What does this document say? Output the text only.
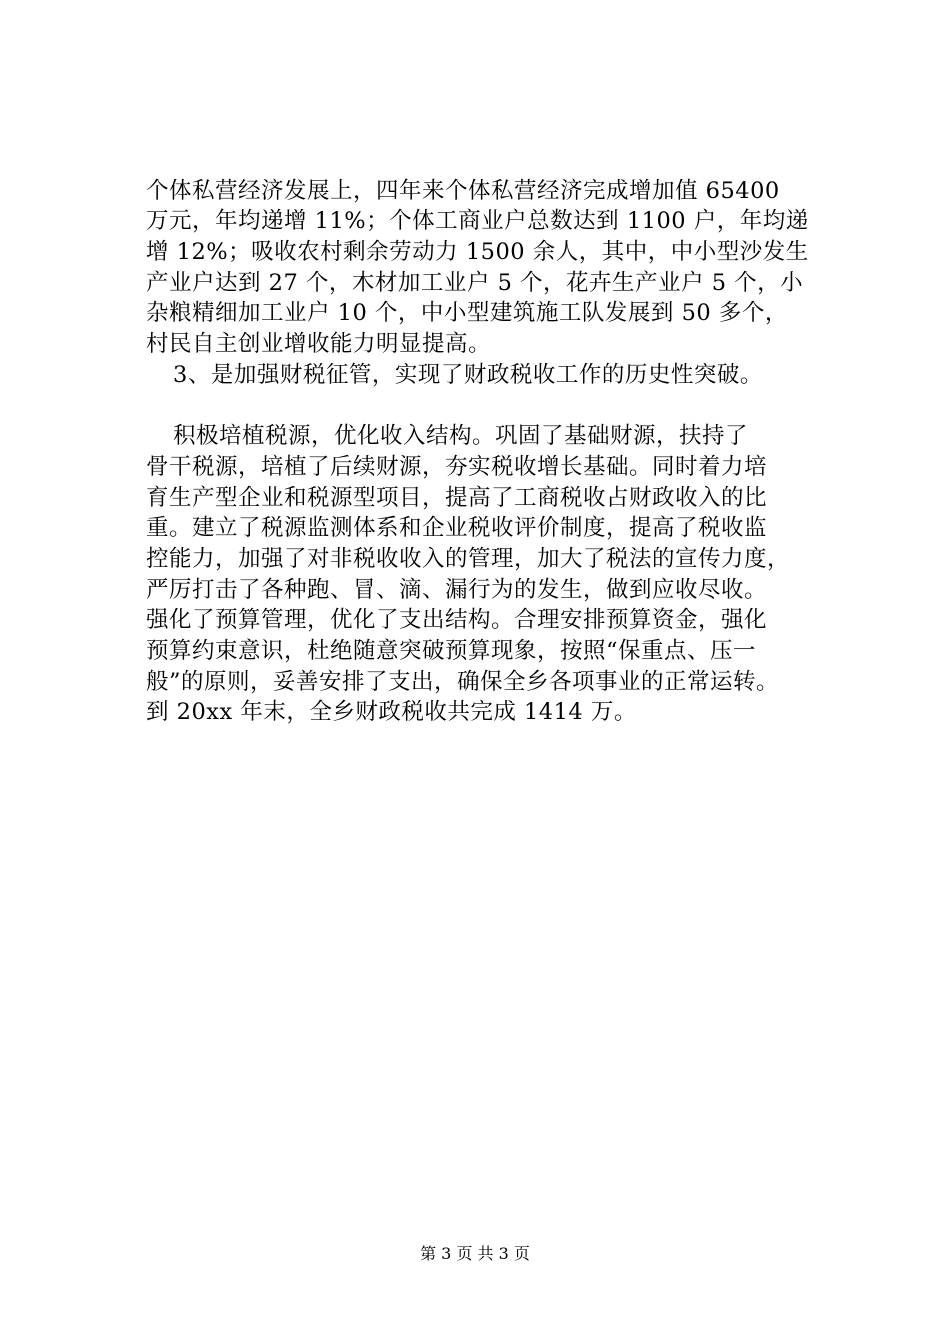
个体私营经济发展上，四年来个体私营经济完成增加值 65400
万元，年均递增 11%；个体工商业户总数达到 1100 户，年均递
增 12%；吸收农村剩余劳动力 1500 余人，其中，中小型沙发生
产业户达到 27 个，木材加工业户 5 个，花卉生产业户 5 个，小
杂粮精细加工业户 10 个，中小型建筑施工队发展到 50 多个，
村民自主创业增收能力明显提高。
3、是加强财税征管，实现了财政税收工作的历史性突破。
积极培植税源，优化收入结构。巩固了基础财源，扶持了
骨干税源，培植了后续财源，夯实税收增长基础。同时着力培
育生产型企业和税源型项目，提高了工商税收占财政收入的比
重。建立了税源监测体系和企业税收评价制度，提高了税收监
控能力，加强了对非税收收入的管理，加大了税法的宣传力度，
严厉打击了各种跑、冒、滴、漏行为的发生，做到应收尽收。
强化了预算管理，优化了支出结构。合理安排预算资金，强化
预算约束意识，杜绝随意突破预算现象，按照“保重点、压一
般”的原则，妥善安排了支出，确保全乡各项事业的正常运转。
到 20xx 年末，全乡财政税收共完成 1414 万。
第 3 页 共 3 页
